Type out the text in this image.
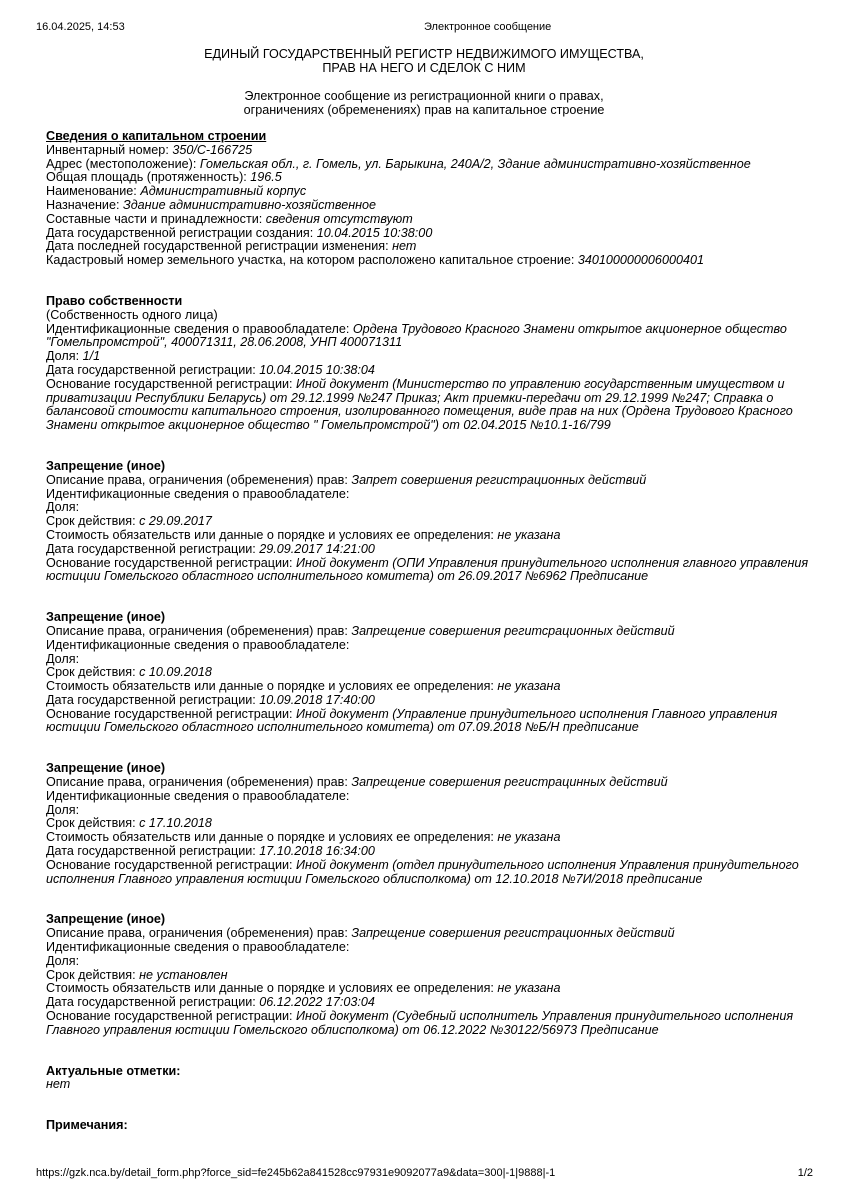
16.04.2025, 14:53	Электронное сообщение
ЕДИНЫЙ ГОСУДАРСТВЕННЫЙ РЕГИСТР НЕДВИЖИМОГО ИМУЩЕСТВА,
ПРАВ НА НЕГО И СДЕЛОК С НИМ
Электронное сообщение из регистрационной книги о правах,
ограничениях (обременениях) прав на капитальное строение
Сведения о капитальном строении
Инвентарный номер: 350/C-166725
Адрес (местоположение): Гомельская обл., г. Гомель, ул. Барыкина, 240А/2, Здание административно-хозяйственное
Общая площадь (протяженность): 196.5
Наименование: Административный корпус
Назначение: Здание административно-хозяйственное
Составные части и принадлежности: сведения отсутствуют
Дата государственной регистрации создания: 10.04.2015 10:38:00
Дата последней государственной регистрации изменения: нет
Кадастровый номер земельного участка, на котором расположено капитальное строение: 340100000006000401
Право собственности
(Собственность одного лица)
Идентификационные сведения о правообладателе: Ордена Трудового Красного Знамени открытое акционерное общество "Гомельпромстрой", 400071311, 28.06.2008, УНП 400071311
Доля: 1/1
Дата государственной регистрации: 10.04.2015 10:38:04
Основание государственной регистрации: Иной документ (Министерство по управлению государственным имуществом и приватизации Республики Беларусь) от 29.12.1999 №247 Приказ; Акт приемки-передачи от 29.12.1999 №247; Справка о балансовой стоимости капитального строения, изолированного помещения, виде прав на них (Ордена Трудового Красного Знамени открытое акционерное общество " Гомельпромстрой") от 02.04.2015 №10.1-16/799
Запрещение (иное)
Описание права, ограничения (обременения) прав: Запрет совершения регистрационных действий
Идентификационные сведения о правообладателе:
Доля:
Срок действия: с 29.09.2017
Стоимость обязательств или данные о порядке и условиях ее определения: не указана
Дата государственной регистрации: 29.09.2017 14:21:00
Основание государственной регистрации: Иной документ (ОПИ Управления принудительного исполнения главного управления юстиции Гомельского областного исполнительного комитета) от 26.09.2017 №6962 Предписание
Запрещение (иное)
Описание права, ограничения (обременения) прав: Запрещение совершения регитсрационных действий
Идентификационные сведения о правообладателе:
Доля:
Срок действия: с 10.09.2018
Стоимость обязательств или данные о порядке и условиях ее определения: не указана
Дата государственной регистрации: 10.09.2018 17:40:00
Основание государственной регистрации: Иной документ (Управление принудительного исполнения Главного управления юстиции Гомельского областного исполнительного комитета) от 07.09.2018 №Б/Н предписание
Запрещение (иное)
Описание права, ограничения (обременения) прав: Запрещение совершения регистрацинных действий
Идентификационные сведения о правообладателе:
Доля:
Срок действия: с 17.10.2018
Стоимость обязательств или данные о порядке и условиях ее определения: не указана
Дата государственной регистрации: 17.10.2018 16:34:00
Основание государственной регистрации: Иной документ (отдел принудительного исполнения Управления принудительного исполнения Главного управления юстиции Гомельского облисполкома) от 12.10.2018 №7И/2018 предписание
Запрещение (иное)
Описание права, ограничения (обременения) прав: Запрещение совершения регистрационных действий
Идентификационные сведения о правообладателе:
Доля:
Срок действия: не установлен
Стоимость обязательств или данные о порядке и условиях ее определения: не указана
Дата государственной регистрации: 06.12.2022 17:03:04
Основание государственной регистрации: Иной документ (Судебный исполнитель Управления принудительного исполнения Главного управления юстиции Гомельского облисполкома) от 06.12.2022 №30122/56973 Предписание
Актуальные отметки:
нет
Примечания:
https://gzk.nca.by/detail_form.php?force_sid=fe245b62a841528cc97931e9092077a9&data=300|-1|9888|-1	1/2
